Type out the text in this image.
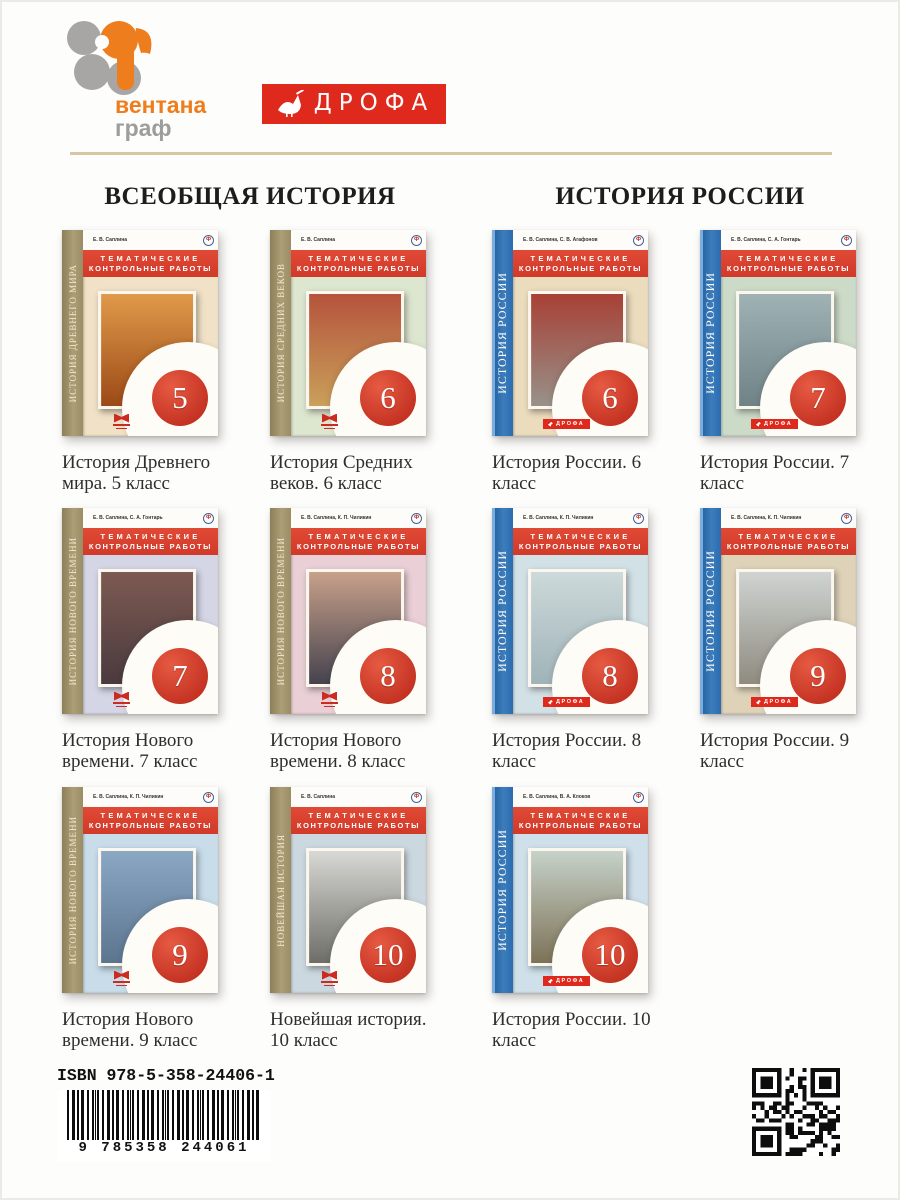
вентана
граф
ДРОФА
ВСЕОБЩАЯ ИСТОРИЯ	ИСТОРИЯ РОССИИ
ИСТОРИЯ ДРЕВНЕГО МИРА
Е. В. Саплина	Ф
ТЕМАТИЧЕСКИЕ
КОНТРОЛЬНЫЕ РАБОТЫ
5
История Древнего мира. 5 класс
ИСТОРИЯ СРЕДНИХ ВЕКОВ
Е. В. Саплина	Ф
ТЕМАТИЧЕСКИЕ
КОНТРОЛЬНЫЕ РАБОТЫ
6
История Средних веков. 6 класс
ИСТОРИЯ РОССИИ
Е. В. Саплина, С. В. Агафонов	Ф
ТЕМАТИЧЕСКИЕ
КОНТРОЛЬНЫЕ РАБОТЫ
6
ДРОФА
История России. 6 класс
ИСТОРИЯ РОССИИ
Е. В. Саплина, С. А. Гонтарь	Ф
ТЕМАТИЧЕСКИЕ
КОНТРОЛЬНЫЕ РАБОТЫ
7
ДРОФА
История России. 7 класс
ИСТОРИЯ НОВОГО ВРЕМЕНИ
Е. В. Саплина, С. А. Гонтарь	Ф
ТЕМАТИЧЕСКИЕ
КОНТРОЛЬНЫЕ РАБОТЫ
7
История Нового времени. 7 класс
ИСТОРИЯ НОВОГО ВРЕМЕНИ
Е. В. Саплина, К. П. Чиликин	Ф
ТЕМАТИЧЕСКИЕ
КОНТРОЛЬНЫЕ РАБОТЫ
8
История Нового времени. 8 класс
ИСТОРИЯ РОССИИ
Е. В. Саплина, К. П. Чиликин	Ф
ТЕМАТИЧЕСКИЕ
КОНТРОЛЬНЫЕ РАБОТЫ
8
ДРОФА
История России. 8 класс
ИСТОРИЯ РОССИИ
Е. В. Саплина, К. П. Чиликин	Ф
ТЕМАТИЧЕСКИЕ
КОНТРОЛЬНЫЕ РАБОТЫ
9
ДРОФА
История России. 9 класс
ИСТОРИЯ НОВОГО ВРЕМЕНИ
Е. В. Саплина, К. П. Чиликин	Ф
ТЕМАТИЧЕСКИЕ
КОНТРОЛЬНЫЕ РАБОТЫ
9
История Нового времени. 9 класс
НОВЕЙШАЯ ИСТОРИЯ
Е. В. Саплина	Ф
ТЕМАТИЧЕСКИЕ
КОНТРОЛЬНЫЕ РАБОТЫ
10
Новейшая история. 10 класс
ИСТОРИЯ РОССИИ
Е. В. Саплина, В. А. Клоков	Ф
ТЕМАТИЧЕСКИЕ
КОНТРОЛЬНЫЕ РАБОТЫ
10
ДРОФА
История России. 10 класс
ISBN 978-5-358-24406-1
9 785358 244061
